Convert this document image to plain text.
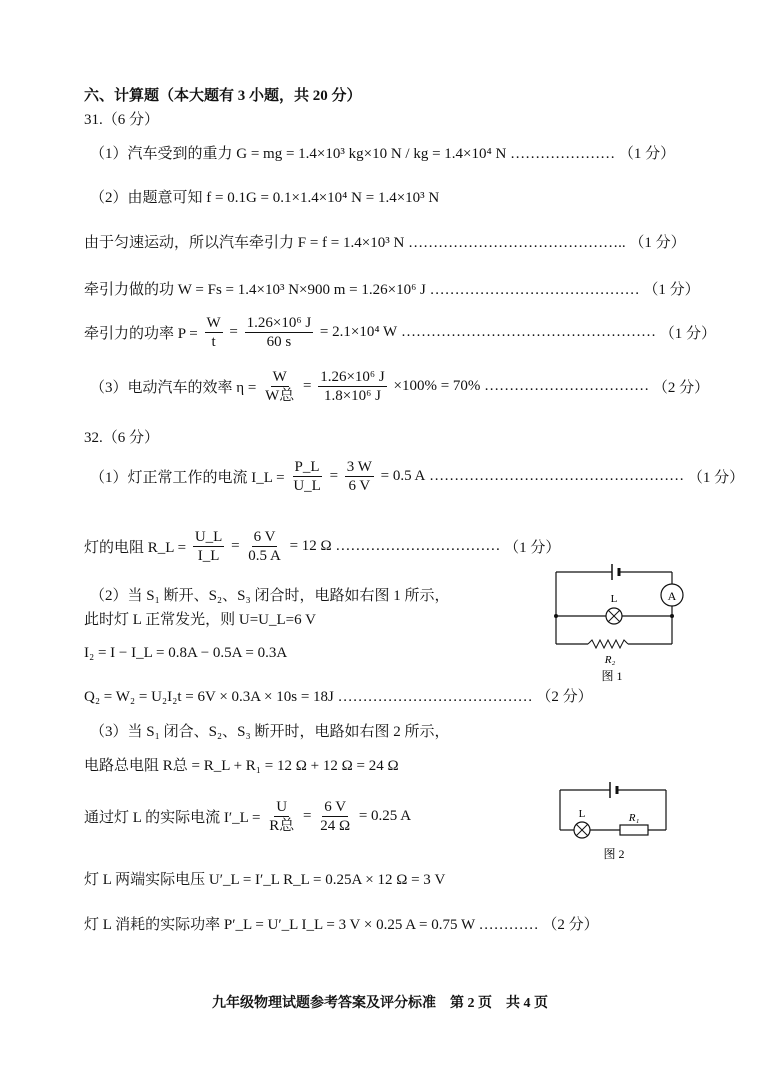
六、计算题（本大题有 3 小题，共 20 分）
31.（6 分）
（1）汽车受到的重力 G = mg = 1.4×10³ kg×10 N / kg = 1.4×10⁴ N ………………… （1 分）
（2）由题意可知 f = 0.1G = 0.1×1.4×10⁴ N = 1.4×10³ N
由于匀速运动，所以汽车牵引力 F = f = 1.4×10³ N …………………………………….. （1 分）
牵引力做的功 W = Fs = 1.4×10³ N×900 m = 1.26×10⁶ J …………………………………… （1 分）
牵引力的功率 $P = \frac{W}{t} = \frac{\text{1.26×10⁶ J}}{60 s} = 2.1\times 10^4$ W …………………………………………… （1 分）
（3）电动汽车的效率 $\eta = \frac{W}{\text{W总}} = \frac{\text{1.26×10⁶ J}}{\text{1.8×10⁶ J}} \times 100\% = 70\%$ …………………………… （2 分）
32.（6 分）
（1）灯正常工作的电流 I_L = $\frac{P\_L}{U\_L} = \frac{3 W}{6 V} = 0.5$ A …………………………………………… （1 分）
灯的电阻 R_L = $\frac{U\_L}{I\_L} = \frac{6 V}{0.5 A} = 12$ Ω …………………………… （1 分）
（2）当 S₁ 断开、S₂、S₃ 闭合时，电路如右图 1 所示，
此时灯 L 正常发光，则 U=U_L=6 V
I₂ = I − I_L = 0.8A − 0.5A = 0.3A
Q₂ = W₂ = U₂I₂t = 6V × 0.3A × 10s = 18J ………………………………… （2 分）
（3）当 S₁ 闭合、S₂、S₃ 断开时，电路如右图 2 所示，
电路总电阻 R总 = R_L + R₁ = 12 Ω + 12 Ω = 24 Ω
通过灯 L 的实际电流 I′_L = $\frac{U}{\text{R总}} = \frac{6 V}{24 \Omega} = 0.25$ A
灯 L 两端实际电压 U′_L = I′_L R_L = 0.25A × 12 Ω = 3 V
灯 L 消耗的实际功率 P′_L = U′_L I_L = 3 V × 0.25 A = 0.75 W ………… （2 分）
A
L
R₂
图 1
L	R₁
图 2
九年级物理试题参考答案及评分标准　第 2 页　共 4 页
